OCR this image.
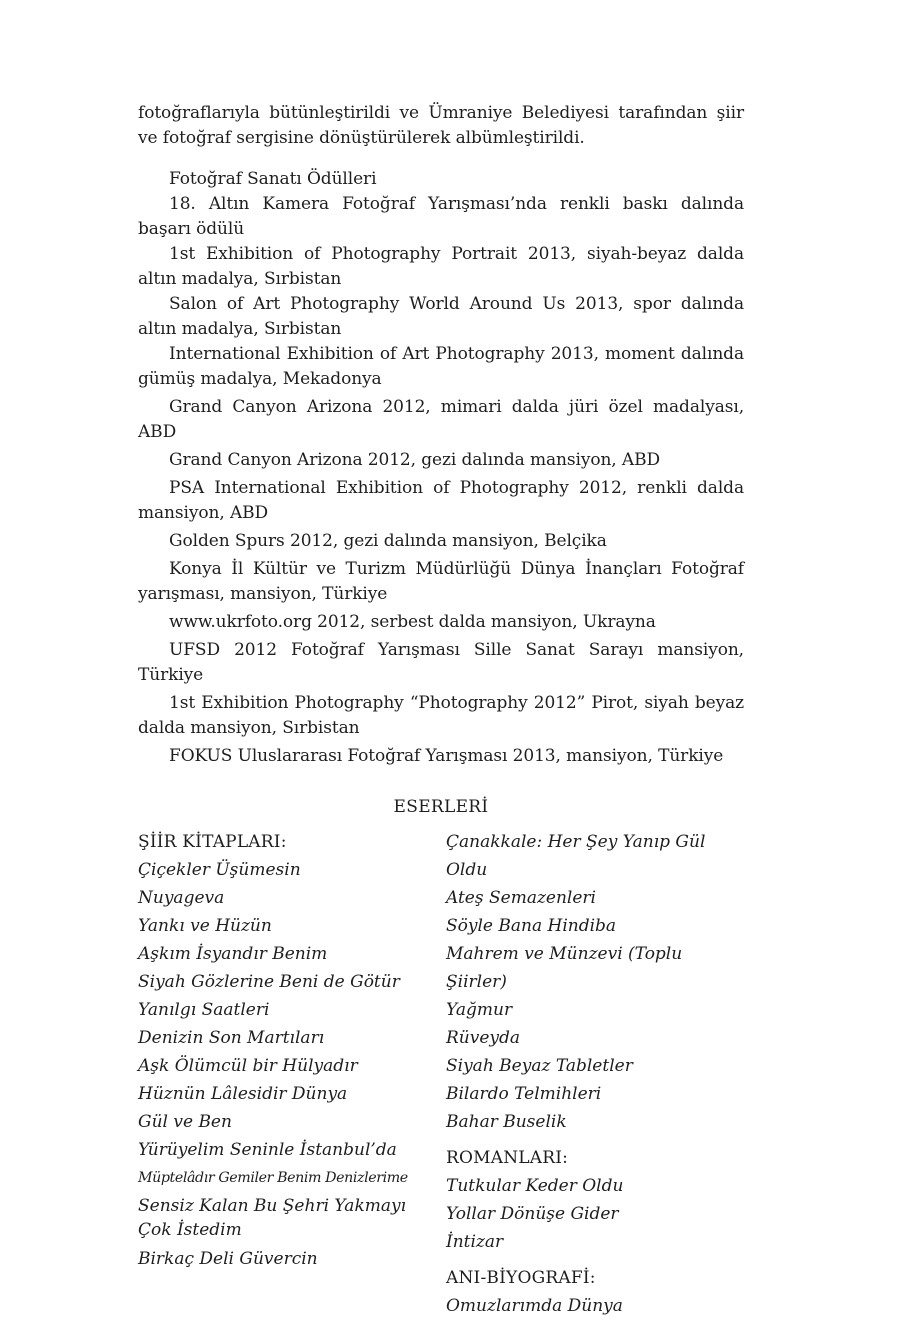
fotoğraflarıyla bütünleştirildi ve Ümraniye Belediyesi tarafından şiir ve fotoğraf sergisine dönüştürülerek albümleştirildi.

Fotoğraf Sanatı Ödülleri

18. Altın Kamera Fotoğraf Yarışması’nda renkli baskı dalında başarı ödülü

1st Exhibition of Photography Portrait 2013, siyah-beyaz dalda altın madalya, Sırbistan

Salon of Art Photography World Around Us 2013, spor dalında altın madalya, Sırbistan

International Exhibition of Art Photography 2013, moment dalında gümüş madalya, Mekadonya

Grand Canyon Arizona 2012, mimari dalda jüri özel madalyası, ABD

Grand Canyon Arizona 2012, gezi dalında mansiyon, ABD

PSA International Exhibition of Photography 2012, renkli dalda mansiyon, ABD

Golden Spurs 2012, gezi dalında mansiyon, Belçika

Konya İl Kültür ve Turizm Müdürlüğü Dünya İnançları Fotoğraf yarışması, mansiyon, Türkiye

www.ukrfoto.org 2012, serbest dalda mansiyon, Ukrayna

UFSD 2012 Fotoğraf Yarışması Sille Sanat Sarayı mansiyon, Türkiye

1st Exhibition Photography “Photography 2012” Pirot, siyah beyaz dalda mansiyon, Sırbistan

FOKUS Uluslararası Fotoğraf Yarışması 2013, mansiyon, Türkiye

ESERLERİ

ŞİİR KİTAPLARI:

Çiçekler Üşümesin

Nuyageva

Yankı ve Hüzün

Aşkım İsyandır Benim

Siyah Gözlerine Beni de Götür

Yanılgı Saatleri

Denizin Son Martıları

Aşk Ölümcül bir Hülyadır

Hüznün Lâlesidir Dünya

Gül ve Ben

Yürüyelim Seninle İstanbul’da

Müptelâdır Gemiler Benim Denizlerime

Sensiz Kalan Bu Şehri Yakmayı Çok İstedim

Birkaç Deli Güvercin

Çanakkale: Her Şey Yanıp Gül Oldu

Ateş Semazenleri

Söyle Bana Hindiba

Mahrem ve Münzevi (Toplu Şiirler)

Yağmur

Rüveyda

Siyah Beyaz Tabletler

Bilardo Telmihleri

Bahar Buselik

ROMANLARI:

Tutkular Keder Oldu

Yollar Dönüşe Gider

İntizar

ANI-BİYOGRAFİ:

Omuzlarımda Dünya
